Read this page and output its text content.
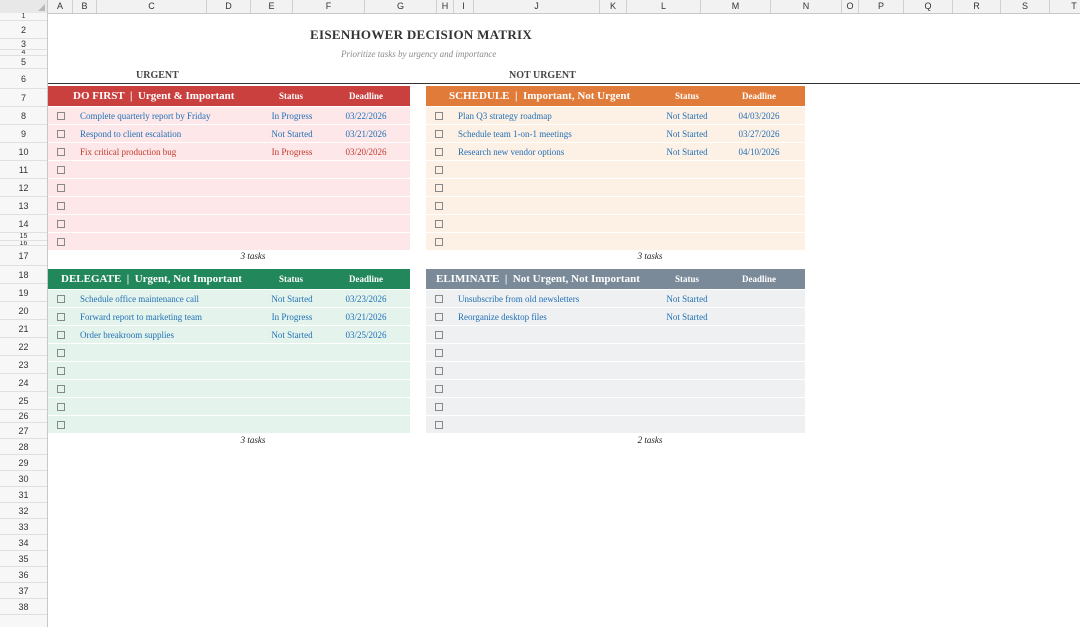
EISENHOWER DECISION MATRIX
Prioritize tasks by urgency and importance
URGENT	NOT URGENT
DO FIRST  |  Urgent & Important	Status	Deadline
Complete quarterly report by Friday	In Progress	03/22/2026
Respond to client escalation	Not Started	03/21/2026
Fix critical production bug	In Progress	03/20/2026
3 tasks
SCHEDULE  |  Important, Not Urgent	Status	Deadline
Plan Q3 strategy roadmap	Not Started	04/03/2026
Schedule team 1-on-1 meetings	Not Started	03/27/2026
Research new vendor options	Not Started	04/10/2026
3 tasks
DELEGATE  |  Urgent, Not Important	Status	Deadline
Schedule office maintenance call	Not Started	03/23/2026
Forward report to marketing team	In Progress	03/21/2026
Order breakroom supplies	Not Started	03/25/2026
3 tasks
ELIMINATE  |  Not Urgent, Not Important	Status	Deadline
Unsubscribe from old newsletters	Not Started
Reorganize desktop files	Not Started
2 tasks
A	B	C	D	E	F	G	H	I	J	K	L	M	N	O	P	Q	R	S	T
1
2
3
4
5
6
7
8
9
10
11
12
13
14
15
16
17
18
19
20
21
22
23
24
25
26
27
28
29
30
31
32
33
34
35
36
37
38
